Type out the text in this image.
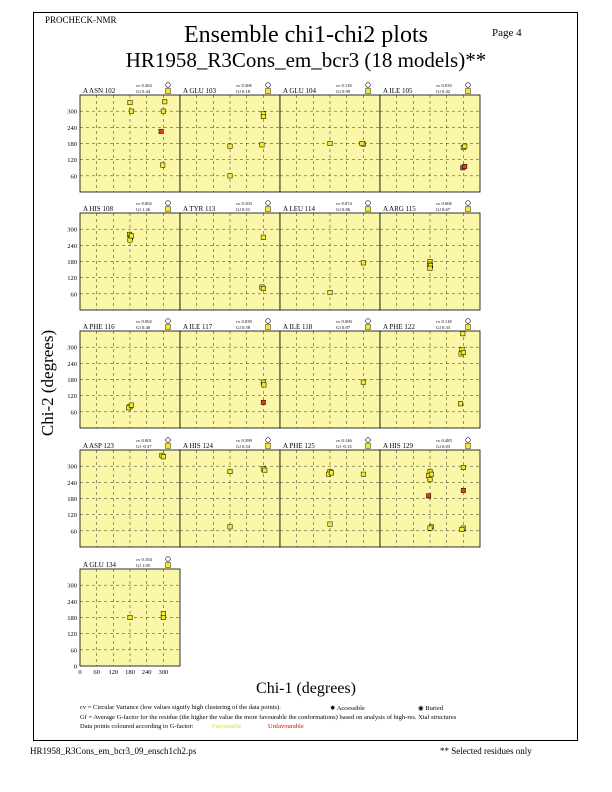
PROCHECK-NMR
Page 4
Ensemble chi1-chi2 plots
HR1958_R3Cons_em_bcr3 (18 models)**
A ASN 102
cv 0.263
Gf 0.44
60
120
180
240
300
A GLU 103
cv 0.306
Gf 0.18	A GLU 104
cv 0.118
Gf 0.99	A ILE 105
cv 0.035
Gf 0.42
A HIS 108
cv 0.002
Gf 1.26
60
120
180
240
300
A TYR 113
cv 0.103
Gf 0.51	A LEU 114
cv 0.074
Gf 0.86	A ARG 115
cv 0.006
Gf 0.67
A PHE 116
cv 0.002
Gf 0.40
60
120
180
240
300
A ILE 117
cv 0.039
Gf 0.58	A ILE 118
cv 0.000
Gf 0.87	A PHE 122
cv 0.118
Gf 0.33
A ASP 123
cv 0.001
Gf -0.37
60
120
180
240
300
A HIS 124
cv 0.399
Gf 0.54	A PHE 125
cv 0.146
Gf -0.13	A HIS 129
cv 0.485
Gf 0.03
A GLU 134
cv 0.104
Gf 1.05
0
60
120
180
240
300
0 60 120 180 240 300
Chi-2 (degrees)
Chi-1 (degrees)
cv = Circular Variance (low values signify high clustering of the data points).	✸ Accessible	◉ Buried
Gf = Average G-factor for the residue (the higher the value the more favourable the conformations) based on analysis of high-res. Xtal structures
Data points coloured according to G-factor:	Favourable	Unfavourable
HR1958_R3Cons_em_bcr3_09_ensch1ch2.ps	** Selected residues only
